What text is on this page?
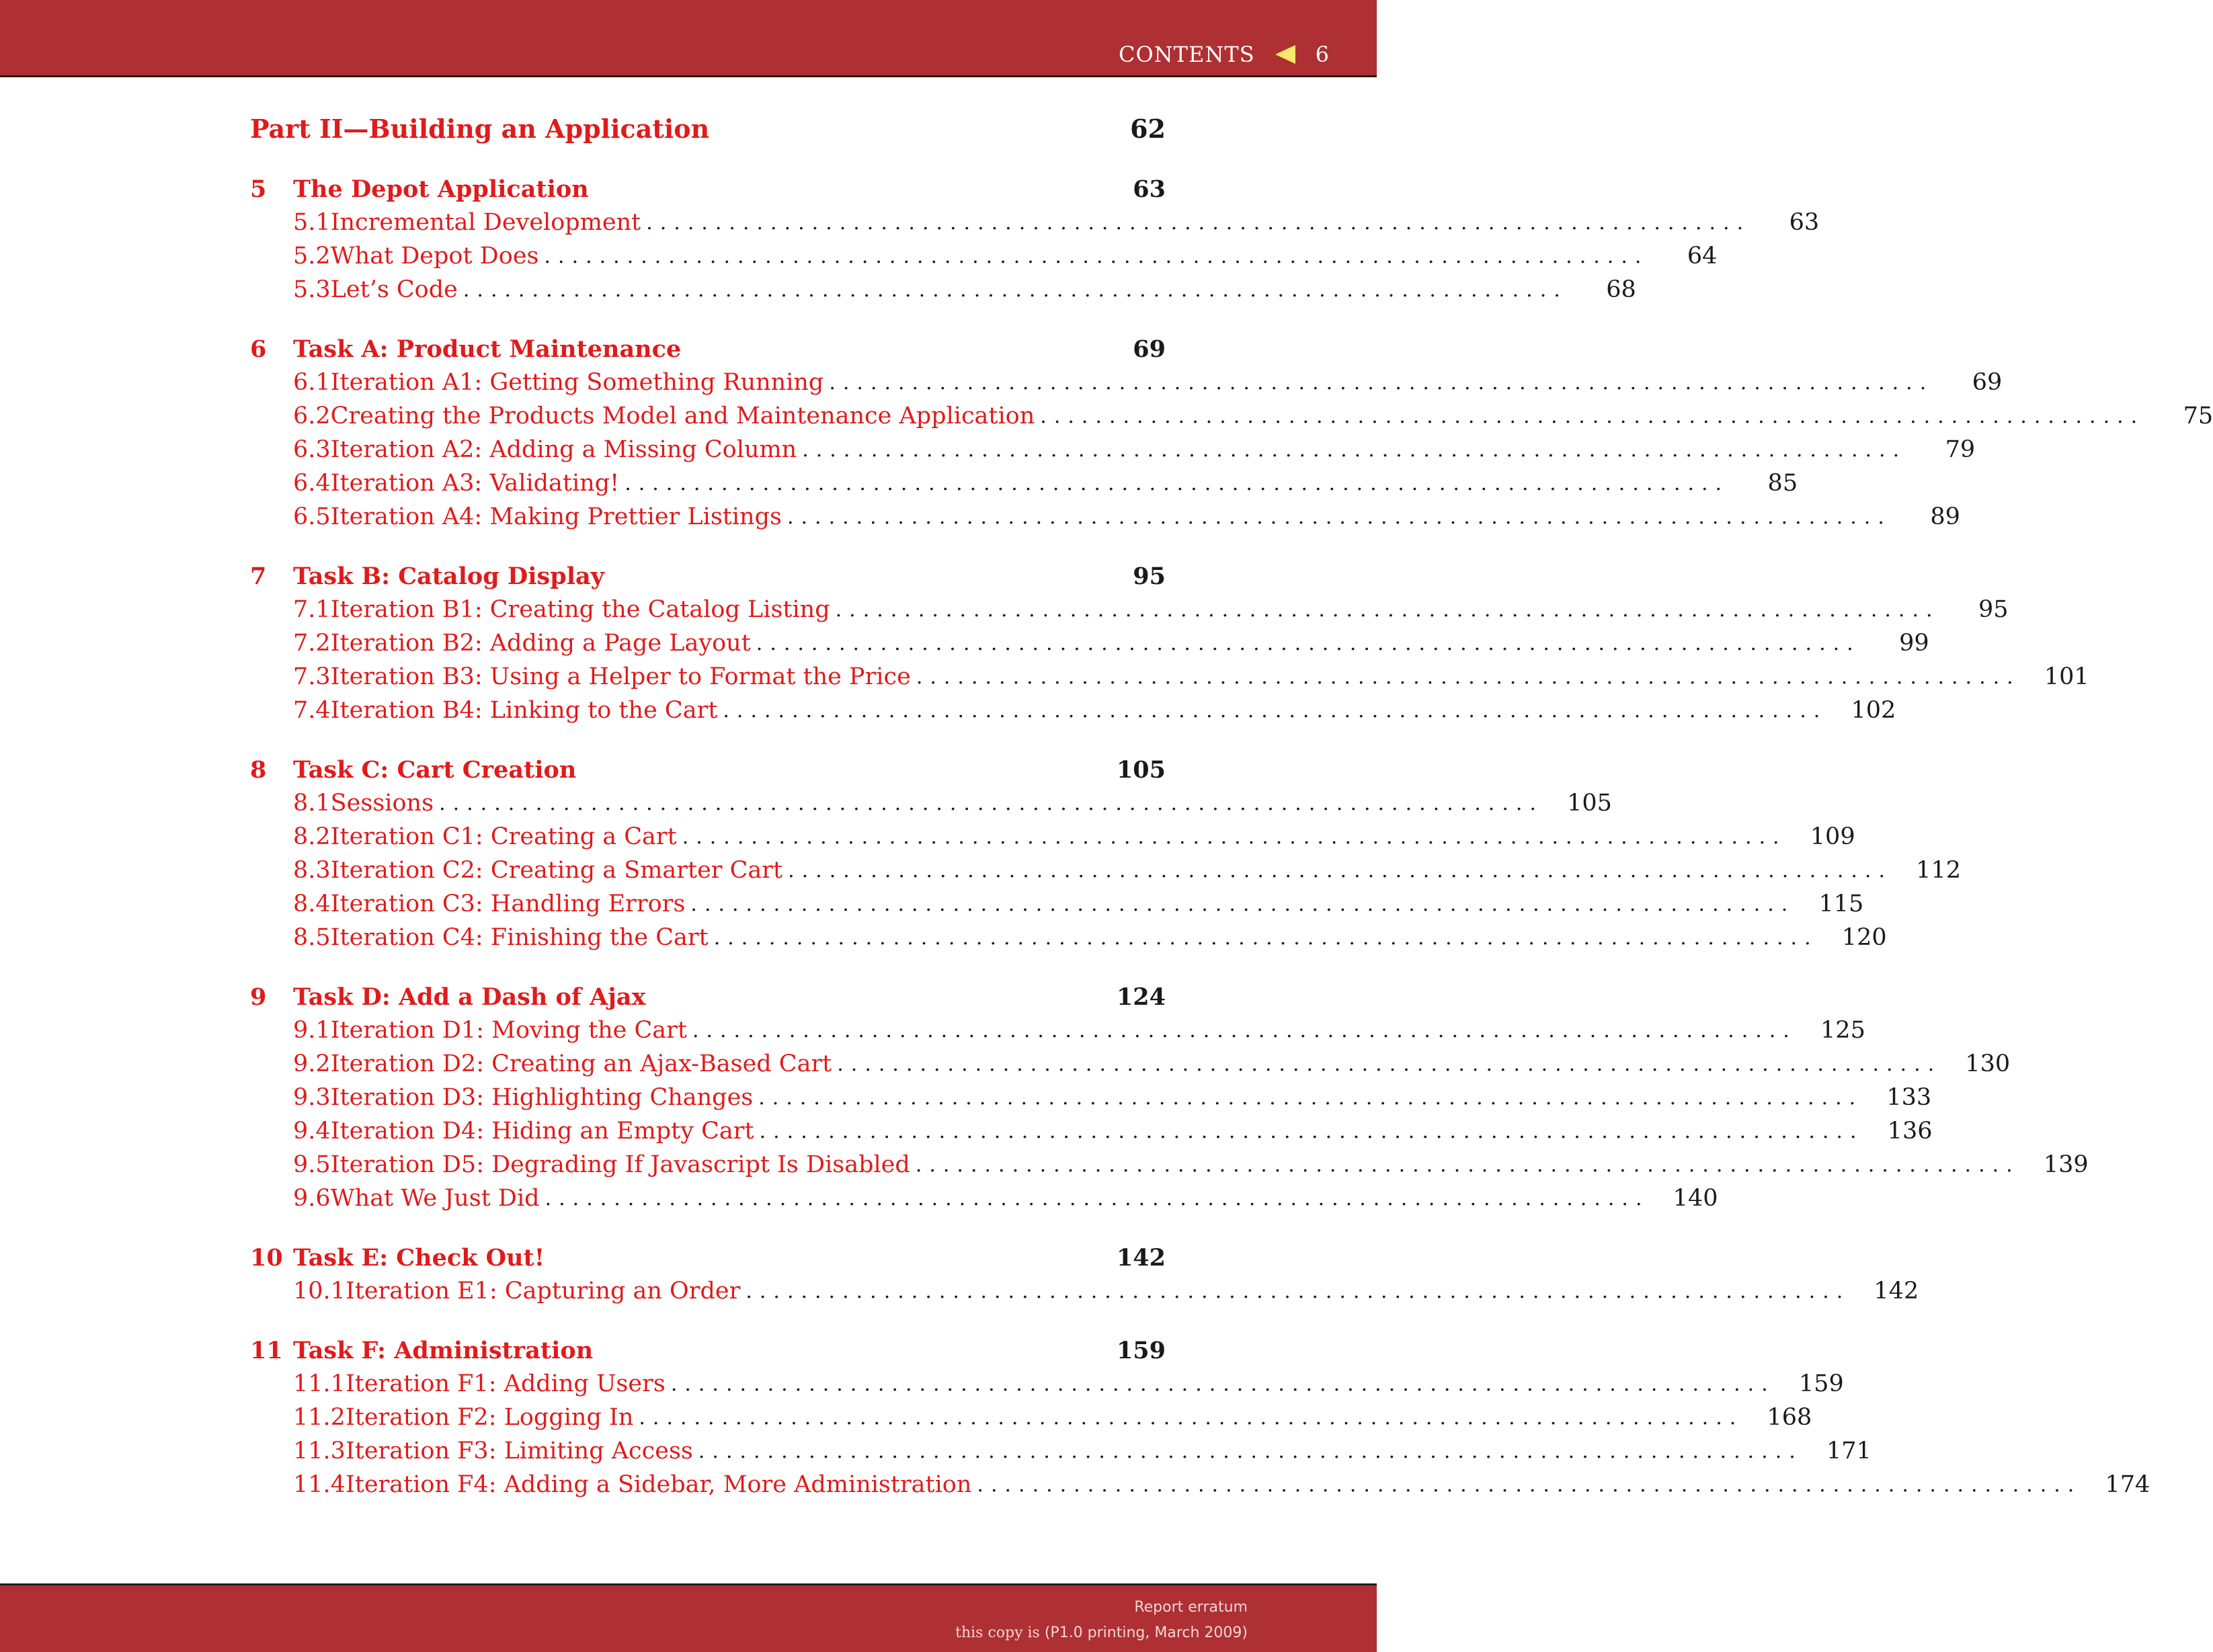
CONTENTS	6
Part II—Building an Application	62
5	The Depot Application	63
5.1 Incremental Development ................................................................................	63
5.2 What Depot Does ................................................................................	64
5.3 Let’s Code ................................................................................	68
6	Task A: Product Maintenance	69
6.1 Iteration A1: Getting Something Running ................................................................................	69
6.2 Creating the Products Model and Maintenance Application ................................................................................	75
6.3 Iteration A2: Adding a Missing Column ................................................................................	79
6.4 Iteration A3: Validating! ................................................................................	85
6.5 Iteration A4: Making Prettier Listings ................................................................................	89
7	Task B: Catalog Display	95
7.1 Iteration B1: Creating the Catalog Listing ................................................................................	95
7.2 Iteration B2: Adding a Page Layout ................................................................................	99
7.3 Iteration B3: Using a Helper to Format the Price ................................................................................	101
7.4 Iteration B4: Linking to the Cart ................................................................................	102
8	Task C: Cart Creation	105
8.1 Sessions ................................................................................	105
8.2 Iteration C1: Creating a Cart ................................................................................	109
8.3 Iteration C2: Creating a Smarter Cart ................................................................................	112
8.4 Iteration C3: Handling Errors ................................................................................	115
8.5 Iteration C4: Finishing the Cart ................................................................................	120
9	Task D: Add a Dash of Ajax	124
9.1 Iteration D1: Moving the Cart ................................................................................	125
9.2 Iteration D2: Creating an Ajax-Based Cart ................................................................................	130
9.3 Iteration D3: Highlighting Changes ................................................................................	133
9.4 Iteration D4: Hiding an Empty Cart ................................................................................	136
9.5 Iteration D5: Degrading If Javascript Is Disabled ................................................................................	139
9.6 What We Just Did ................................................................................	140
10 Task E: Check Out!	142
10.1 Iteration E1: Capturing an Order ................................................................................	142
11 Task F: Administration	159
11.1 Iteration F1: Adding Users ................................................................................	159
11.2 Iteration F2: Logging In ................................................................................	168
11.3 Iteration F3: Limiting Access ................................................................................	171
11.4 Iteration F4: Adding a Sidebar, More Administration ................................................................................	174
Report erratum
this copy is (P1.0 printing, March 2009)
